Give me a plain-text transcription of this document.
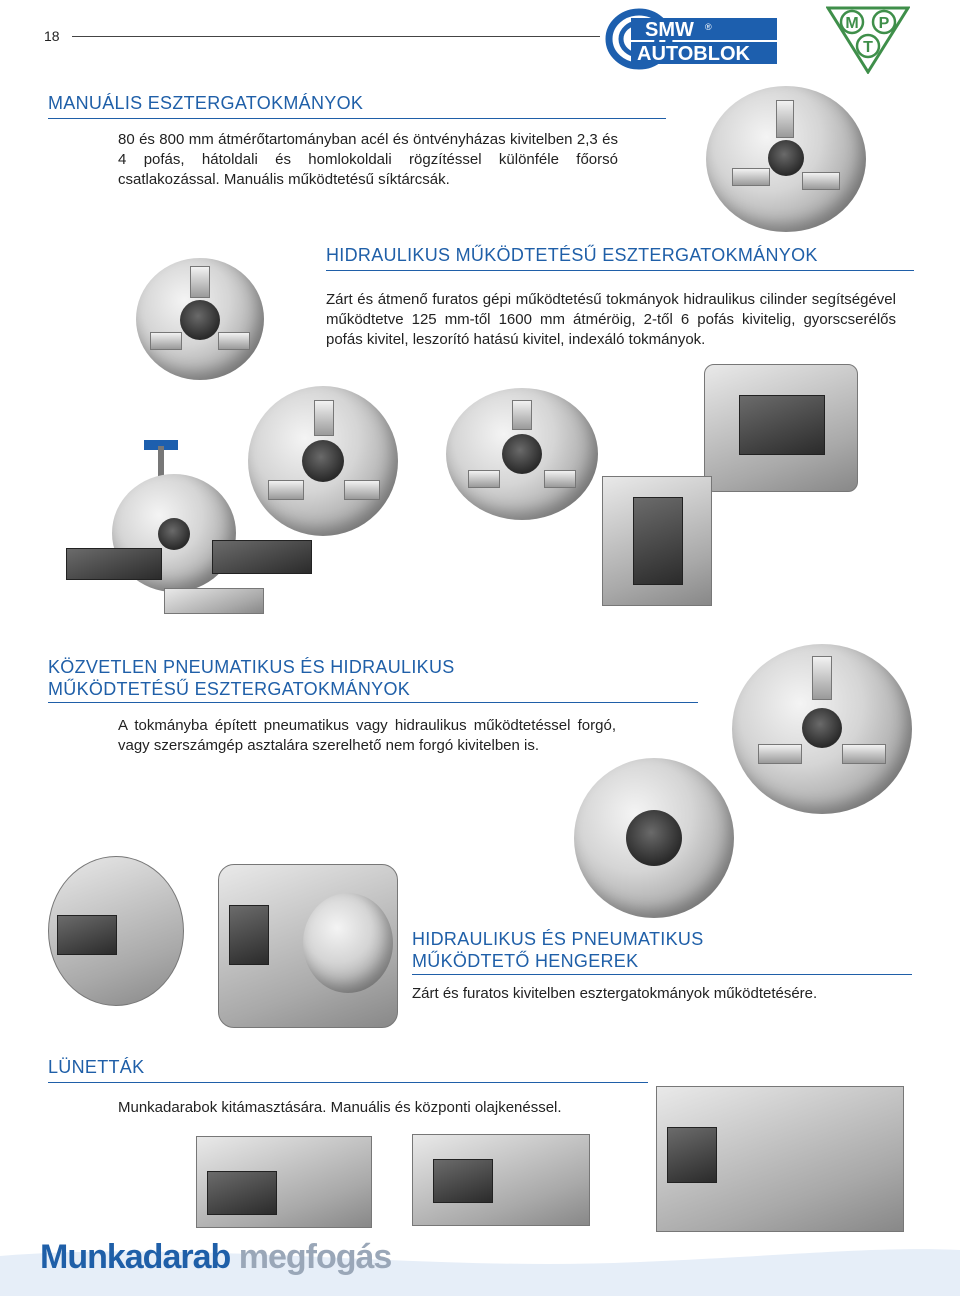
18	SMW ®
AUTOBLOK
M P
T
MANUÁLIS ESZTERGATOKMÁNYOK
80 és 800 mm átmérőtartományban acél és öntvényházas kivitelben 2,3 és 4 pofás, hátoldali és homlokoldali rögzítéssel különféle főorsó csatlakozással. Manuális működtetésű síktárcsák.
HIDRAULIKUS MŰKÖDTETÉSŰ ESZTERGATOKMÁNYOK
Zárt és átmenő furatos gépi működtetésű tokmányok hidraulikus cilinder segítségével működtetve 125 mm-től 1600 mm átméröig, 2-től 6 pofás kivitelig, gyorscserélős pofás kivitel, leszorító hatású kivitel, indexáló tokmányok.
KÖZVETLEN PNEUMATIKUS ÉS HIDRAULIKUS
MŰKÖDTETÉSŰ ESZTERGATOKMÁNYOK
A tokmányba épített pneumatikus vagy hidraulikus működtetéssel forgó, vagy szerszámgép asztalára szerelhető nem forgó kivitelben is.
HIDRAULIKUS ÉS PNEUMATIKUS
MŰKÖDTETŐ HENGEREK
Zárt és furatos kivitelben esztergatokmányok működtetésére.
LÜNETTÁK
Munkadarabok kitámasztására. Manuális és központi olajkenéssel.
Munkadarab megfogás
